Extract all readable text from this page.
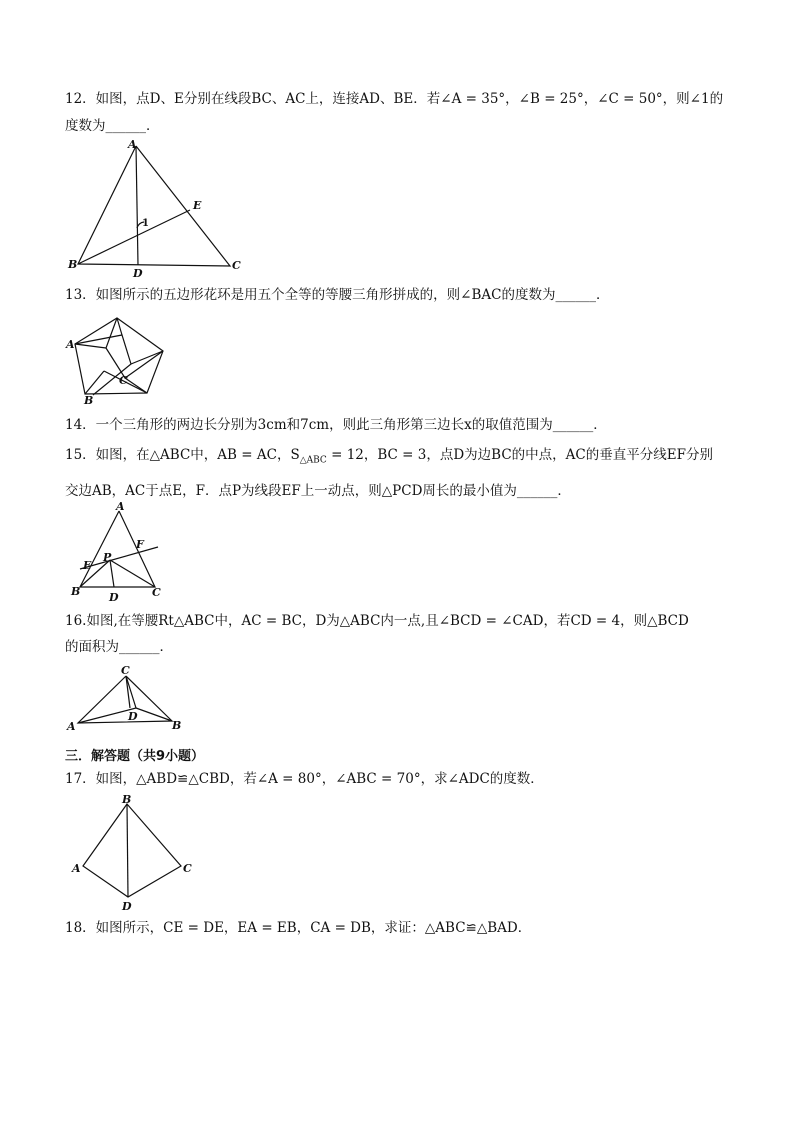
12．如图，点D、E分别在线段BC、AC上，连接AD、BE．若∠A = 35°，∠B = 25°，∠C = 50°，则∠1的
度数为______．
A
B	C
D
E
1
13．如图所示的五边形花环是用五个全等的等腰三角形拼成的，则∠BAC的度数为______．
A
B
C
14．一个三角形的两边长分别为3cm和7cm，则此三角形第三边长x的取值范围为______．
15．如图，在△ABC中，AB = AC，$S_{\triangle ABC} = 12$，BC = 3，点D为边BC的中点，AC的垂直平分线EF分别
交边AB，AC于点E，F．点P为线段EF上一动点，则△PCD周长的最小值为______．
A
B	C
D
E
F
P
16.如图,在等腰Rt△ABC中，AC = BC，D为△ABC内一点,且∠BCD = ∠CAD，若CD = 4，则△BCD
的面积为______．
A	B
C
D
三．解答题（共9小题）
17．如图，△ABD≌△CBD，若∠A = 80°，∠ABC = 70°，求∠ADC的度数．
A
B
C
D
18．如图所示，CE = DE，EA = EB，CA = DB，求证：△ABC≌△BAD．
